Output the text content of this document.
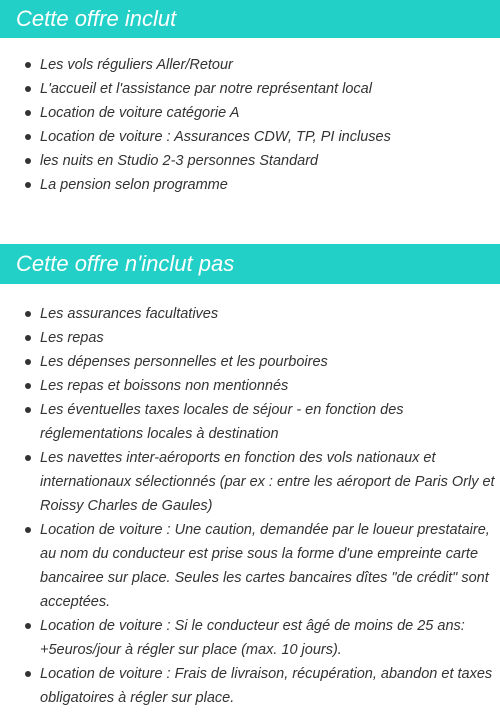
Cette offre inclut
Les vols réguliers Aller/Retour
L'accueil et l'assistance par notre représentant local
Location de voiture catégorie A
Location de voiture : Assurances CDW, TP, PI incluses
les nuits en Studio 2-3 personnes Standard
La pension selon programme
Cette offre n'inclut pas
Les assurances facultatives
Les repas
Les dépenses personnelles et les pourboires
Les repas et boissons non mentionnés
Les éventuelles taxes locales de séjour - en fonction des réglementations locales à destination
Les navettes inter-aéroports en fonction des vols nationaux et internationaux sélectionnés (par ex : entre les aéroport de Paris Orly et Roissy Charles de Gaules)
Location de voiture : Une caution, demandée par le loueur prestataire, au nom du conducteur est prise sous la forme d'une empreinte carte bancairee sur place. Seules les cartes bancaires dîtes "de crédit" sont acceptées.
Location de voiture : Si le conducteur est âgé de moins de 25 ans: +5euros/jour à régler sur place (max. 10 jours).
Location de voiture : Frais de livraison, récupération, abandon et taxes obligatoires à régler sur place.
